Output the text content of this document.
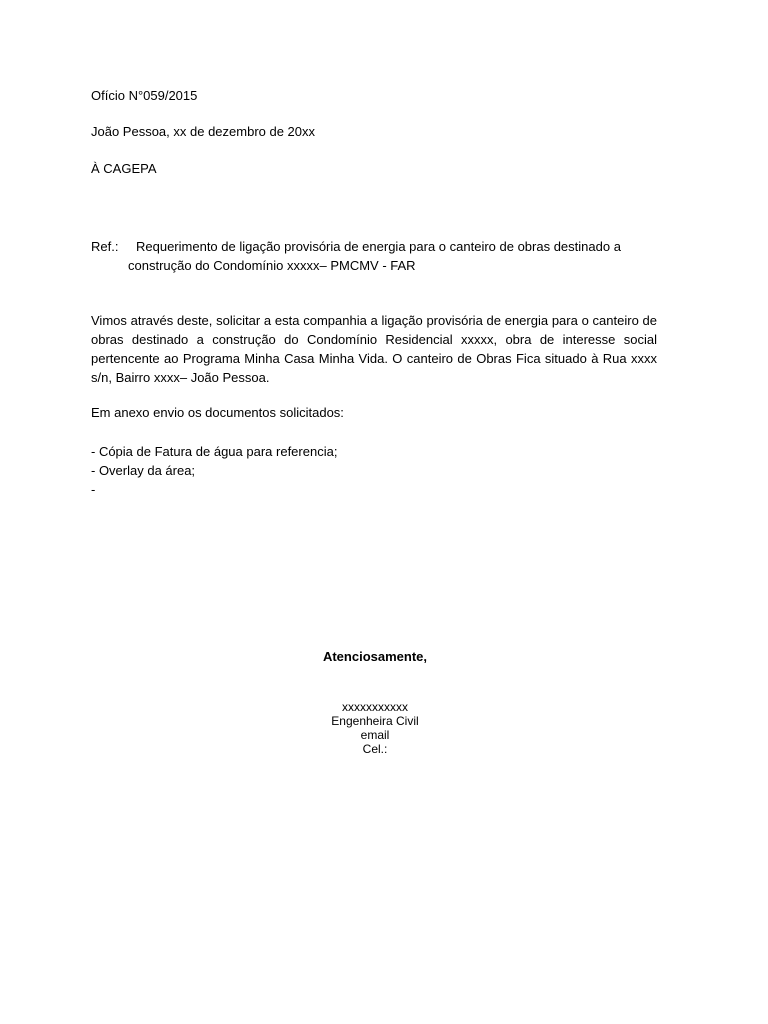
Ofício N°059/2015
João Pessoa, xx de dezembro de 20xx
À CAGEPA
Ref.:	Requerimento de ligação provisória de energia para o canteiro de obras destinado a
construção do Condomínio xxxxx– PMCMV - FAR
Vimos através deste, solicitar a esta companhia a ligação provisória de energia para o canteiro de obras destinado a construção do Condomínio Residencial xxxxx, obra de interesse social pertencente ao Programa Minha Casa Minha Vida. O canteiro de Obras Fica situado à Rua xxxx s/n, Bairro xxxx– João Pessoa.
Em anexo envio os documentos solicitados:
- Cópia de Fatura de água para referencia;
- Overlay da área;
-
Atenciosamente,
xxxxxxxxxxx
Engenheira Civil
email
Cel.:
